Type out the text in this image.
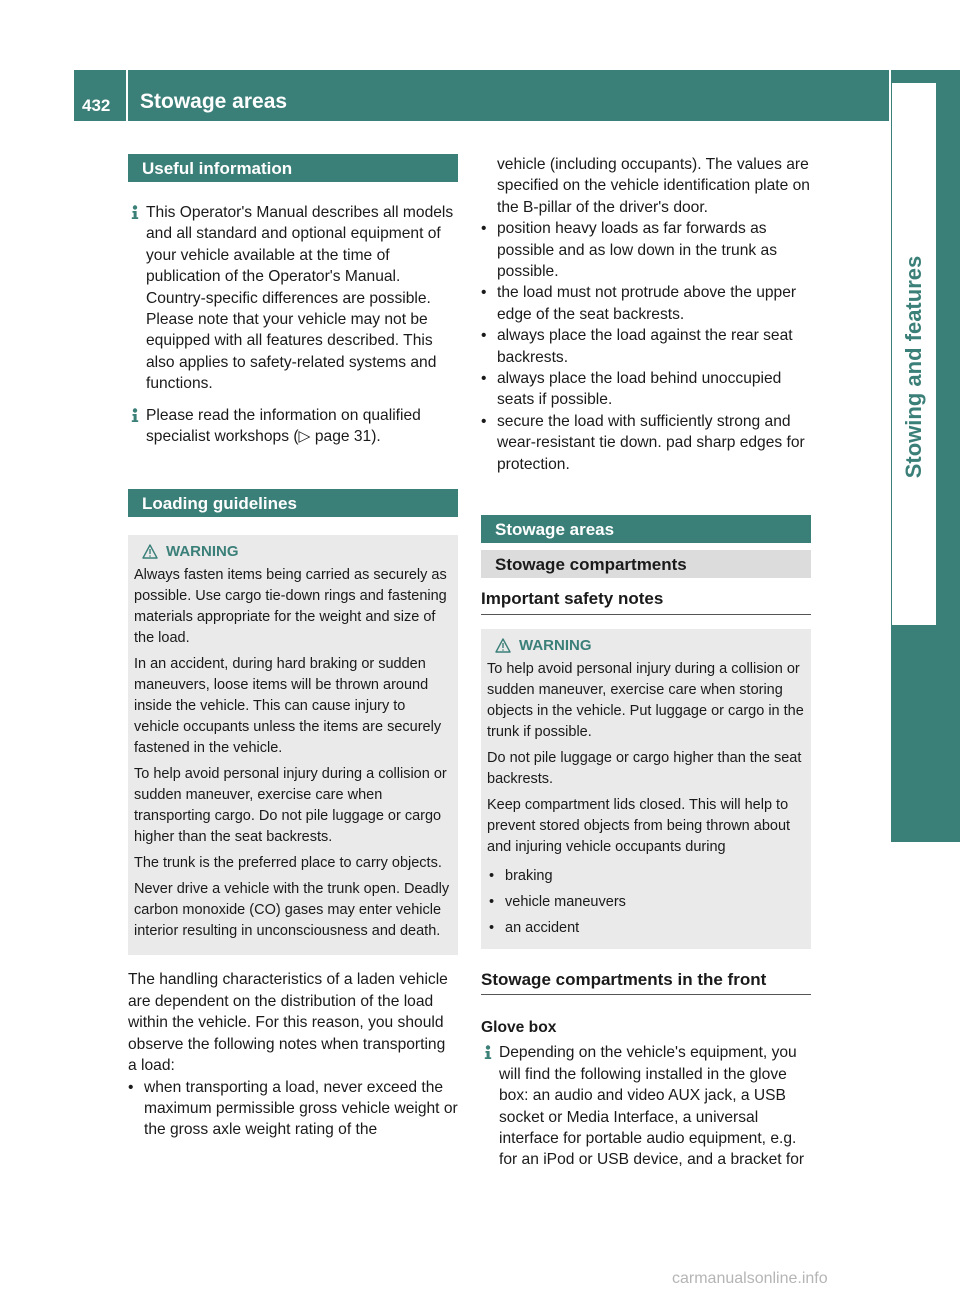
432	Stowage areas
Stowing and features
Useful information
This Operator's Manual describes all models and all standard and optional equipment of your vehicle available at the time of publication of the Operator's Manual. Country-specific differences are possible. Please note that your vehicle may not be equipped with all features described. This also applies to safety-related systems and functions.
Please read the information on qualified specialist workshops (▷ page 31).
Loading guidelines
WARNING

Always fasten items being carried as securely as possible. Use cargo tie-down rings and fastening materials appropriate for the weight and size of the load.

In an accident, during hard braking or sudden maneuvers, loose items will be thrown around inside the vehicle. This can cause injury to vehicle occupants unless the items are securely fastened in the vehicle.

To help avoid personal injury during a collision or sudden maneuver, exercise care when transporting cargo. Do not pile luggage or cargo higher than the seat backrests.

The trunk is the preferred place to carry objects.

Never drive a vehicle with the trunk open. Deadly carbon monoxide (CO) gases may enter vehicle interior resulting in unconsciousness and death.

The handling characteristics of a laden vehicle are dependent on the distribution of the load within the vehicle. For this reason, you should observe the following notes when transporting a load:
• when transporting a load, never exceed the maximum permissible gross vehicle weight or the gross axle weight rating of the
vehicle (including occupants). The values are specified on the vehicle identification plate on the B-pillar of the driver's door.
• position heavy loads as far forwards as possible and as low down in the trunk as possible.
• the load must not protrude above the upper edge of the seat backrests.
• always place the load against the rear seat backrests.
• always place the load behind unoccupied seats if possible.
• secure the load with sufficiently strong and wear-resistant tie down. pad sharp edges for protection.
Stowage areas
Stowage compartments
Important safety notes
WARNING

To help avoid personal injury during a collision or sudden maneuver, exercise care when storing objects in the vehicle. Put luggage or cargo in the trunk if possible.

Do not pile luggage or cargo higher than the seat backrests.

Keep compartment lids closed. This will help to prevent stored objects from being thrown about and injuring vehicle occupants during

• braking
• vehicle maneuvers
• an accident
Stowage compartments in the front
Glove box
Depending on the vehicle's equipment, you will find the following installed in the glove box: an audio and video AUX jack, a USB socket or Media Interface, a universal interface for portable audio equipment, e.g. for an iPod or USB device, and a bracket for
carmanualsonline.info
